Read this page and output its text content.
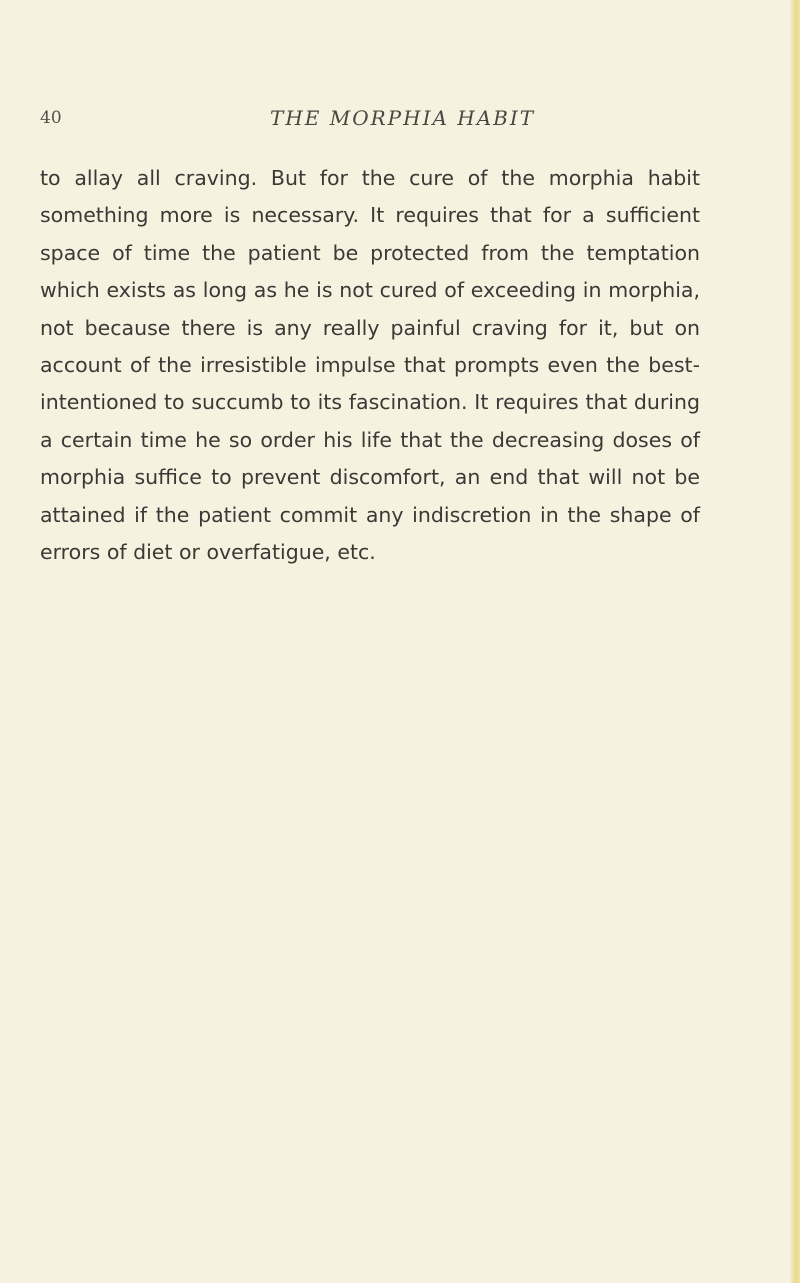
40	THE MORPHIA HABIT

to allay all craving. But for the cure of the morphia habit something more is necessary. It requires that for a sufficient space of time the patient be protected from the temptation which exists as long as he is not cured of exceeding in morphia, not because there is any really painful craving for it, but on account of the irresistible impulse that prompts even the best-intentioned to succumb to its fascination. It requires that during a certain time he so order his life that the decreasing doses of morphia suffice to prevent discomfort, an end that will not be attained if the patient commit any indiscretion in the shape of errors of diet or overfatigue, etc.
